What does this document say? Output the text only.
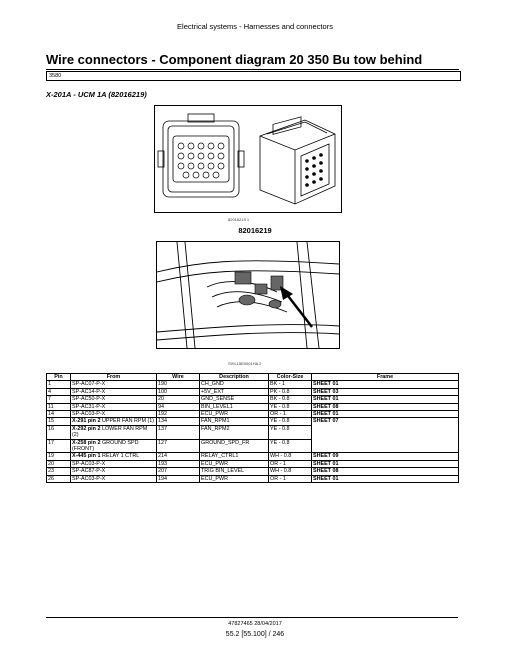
Electrical systems - Harnesses and connectors
Wire connectors - Component diagram 20 350 Bu tow behind
3580
X-201A - UCM 1A (82016219)
82016219 1
82016219
SVIL15E0001HA 2
Pin	From	Wire	Description	Color-Size	Frame
1	SP-AC07-P-X	190	CH_GND	BK - 1	SHEET 01
4	SP-AC14-P-X	100	+5V_EXT	PK - 0.8	SHEET 03
7	SP-AC50-P-X	20	GND_SENSE	BK - 0.8	SHEET 01
11	SP-AC31-P-X	94	BIN_LEVEL1	YE - 0.8	SHEET 08
14	SP-AC03-P-X	192	ECU_PWR	OR - 1	SHEET 01
15	X-291 pin 2 UPPER FAN RPM (1)	134	FAN_RPM1	YE - 0.8	SHEET 07
16	X-292 pin 2 LOWER FAN RPM (2)	137	FAN_RPM2	YE - 0.8	
17	X-258 pin 2 GROUND SPD (FRONT)	127	GROUND_SPD_FR	YE - 0.8	
19	X-445 pin 1 RELAY 1 CTRL	214	RELAY_CTRL1	WH - 0.8	SHEET 09
20	SP-AC03-P-X	193	ECU_PWR	OR - 1	SHEET 01
23	SP-AC87-P-X	207	TRIG BIN_LEVEL	WH - 0.8	SHEET 08
26	SP-AC03-P-X	194	ECU_PWR	OR - 1	SHEET 01
47827465 28/04/2017
55.2 [55.100] / 246
